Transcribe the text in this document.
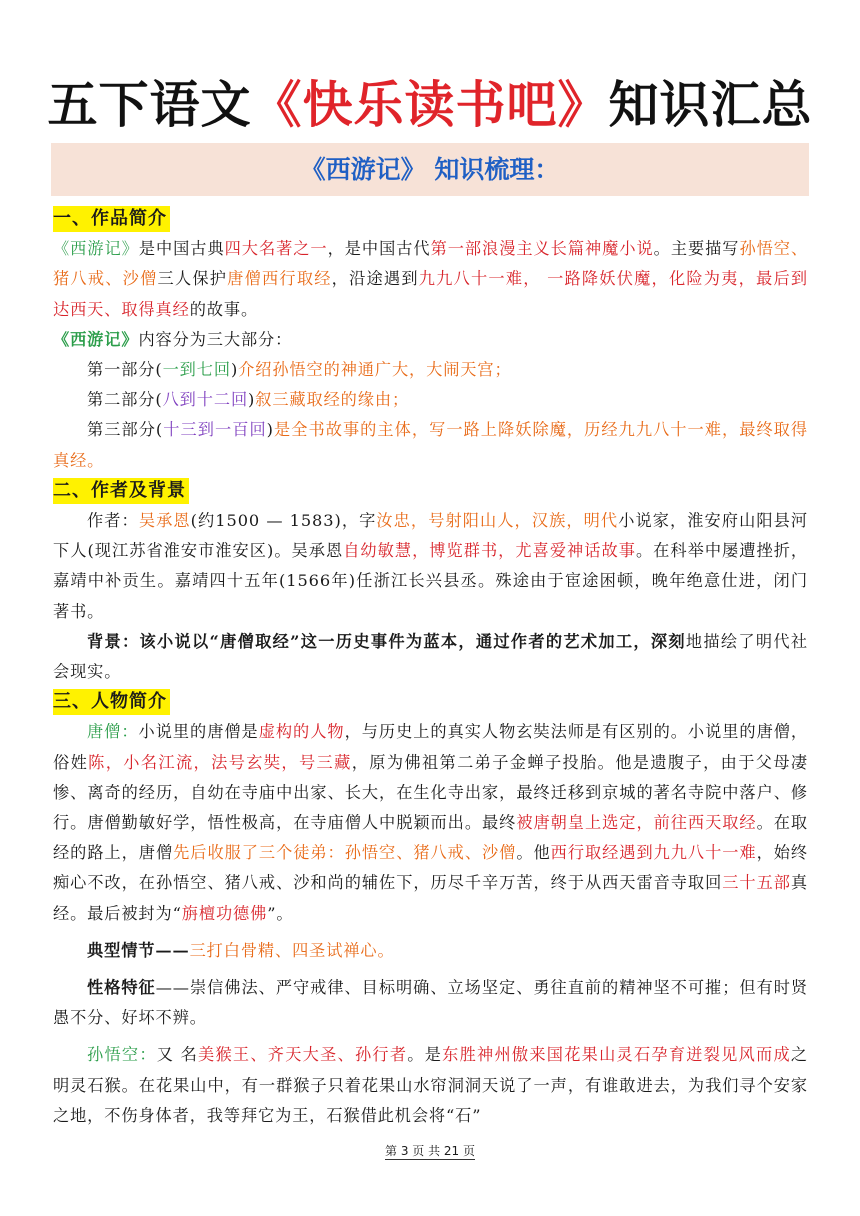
五下语文《快乐读书吧》知识汇总
《西游记》 知识梳理：
一、作品简介

《西游记》是中国古典四大名著之一，是中国古代第一部浪漫主义长篇神魔小说。主要描写孙悟空、猪八戒、沙僧三人保护唐僧西行取经，沿途遇到九九八十一难， 一路降妖伏魔，化险为夷，最后到达西天、取得真经的故事。

《西游记》内容分为三大部分：

第一部分(一到七回)介绍孙悟空的神通广大，大闹天宫；

第二部分(八到十二回)叙三藏取经的缘由；

第三部分(十三到一百回)是全书故事的主体，写一路上降妖除魔，历经九九八十一难，最终取得真经。

二、作者及背景

作者：吴承恩(约1500 — 1583)，字汝忠，号射阳山人，汉族，明代小说家，淮安府山阳县河下人(现江苏省淮安市淮安区)。吴承恩自幼敏慧，博览群书，尤喜爱神话故事。在科举中屡遭挫折，嘉靖中补贡生。嘉靖四十五年(1566年)任浙江长兴县丞。殊途由于宦途困顿，晚年绝意仕进，闭门著书。

背景：该小说以“唐僧取经”这一历史事件为蓝本，通过作者的艺术加工，深刻地描绘了明代社会现实。

三、人物简介

唐僧：小说里的唐僧是虚构的人物，与历史上的真实人物玄奘法师是有区别的。小说里的唐僧，俗姓陈，小名江流，法号玄奘，号三藏，原为佛祖第二弟子金蝉子投胎。他是遗腹子，由于父母凄惨、离奇的经历，自幼在寺庙中出家、长大，在生化寺出家，最终迁移到京城的著名寺院中落户、修行。唐僧勤敏好学，悟性极高，在寺庙僧人中脱颖而出。最终被唐朝皇上选定，前往西天取经。在取经的路上，唐僧先后收服了三个徒弟：孙悟空、猪八戒、沙僧。他西行取经遇到九九八十一难，始终痴心不改，在孙悟空、猪八戒、沙和尚的辅佐下，历尽千辛万苦，终于从西天雷音寺取回三十五部真经。最后被封为“旃檀功德佛”。

典型情节——三打白骨精、四圣试禅心。

性格特征——崇信佛法、严守戒律、目标明确、立场坚定、勇往直前的精神坚不可摧；但有时贤愚不分、好坏不辨。

孙悟空：又 名美猴王、齐天大圣、孙行者。是东胜神州傲来国花果山灵石孕育迸裂见风而成之明灵石猴。在花果山中，有一群猴子只着花果山水帘洞洞天说了一声，有谁敢进去，为我们寻个安家之地，不伤身体者，我等拜它为王，石猴借此机会将“石”

第 3 页 共 21 页
